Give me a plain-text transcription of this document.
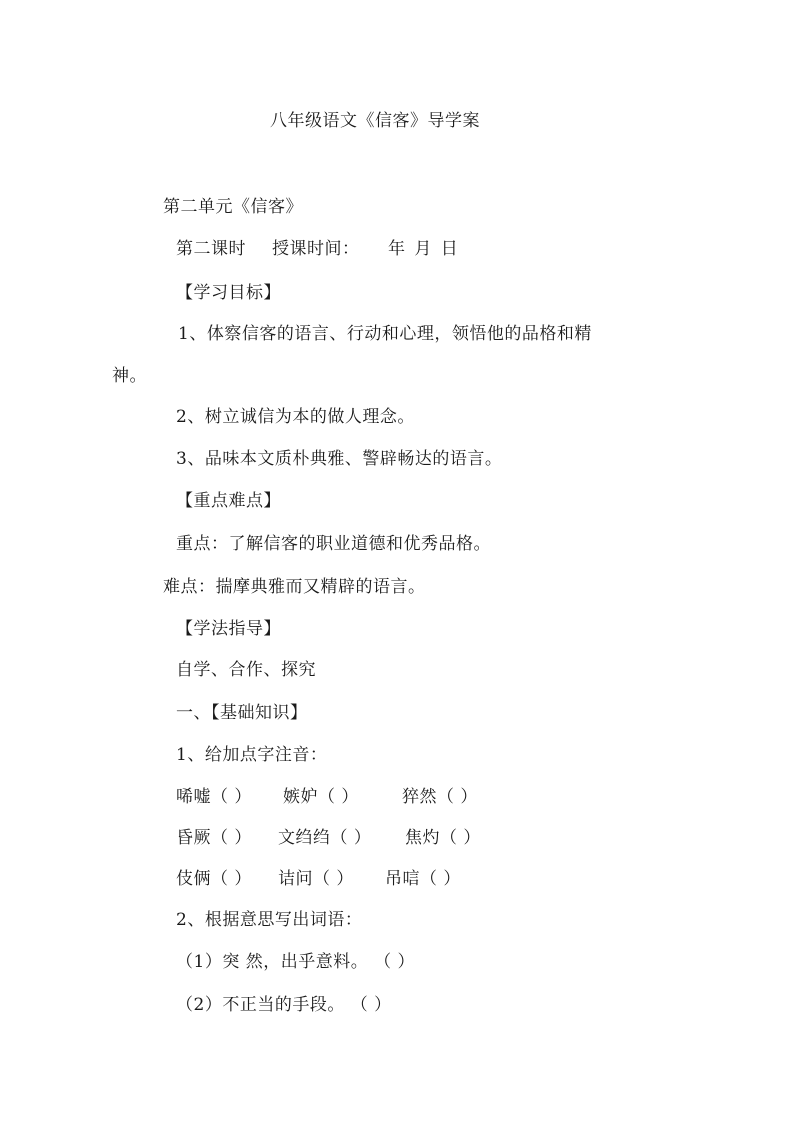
八年级语文《信客》导学案
第二单元《信客》
第二课时 授课时间： 年 月 日
【学习目标】
1、体察信客的语言、行动和心理，领悟他的品格和精
神。
2、树立诚信为本的做人理念。
3、品味本文质朴典雅、警辟畅达的语言。
【重点难点】
重点：了解信客的职业道德和优秀品格。
难点：揣摩典雅而又精辟的语言。
【学法指导】
自学、合作、探究
一、【基础知识】
1、给加点字注音：
唏嘘（ ） 嫉妒（ ）	猝然（ ）
昏厥（ ） 文绉绉（ ） 焦灼（ ）
伎俩（ ） 诘问（ ） 吊唁（ ）
2、根据意思写出词语：
（1）突 然，出乎意料。 （ ）
（2）不正当的手段。 （ ）
